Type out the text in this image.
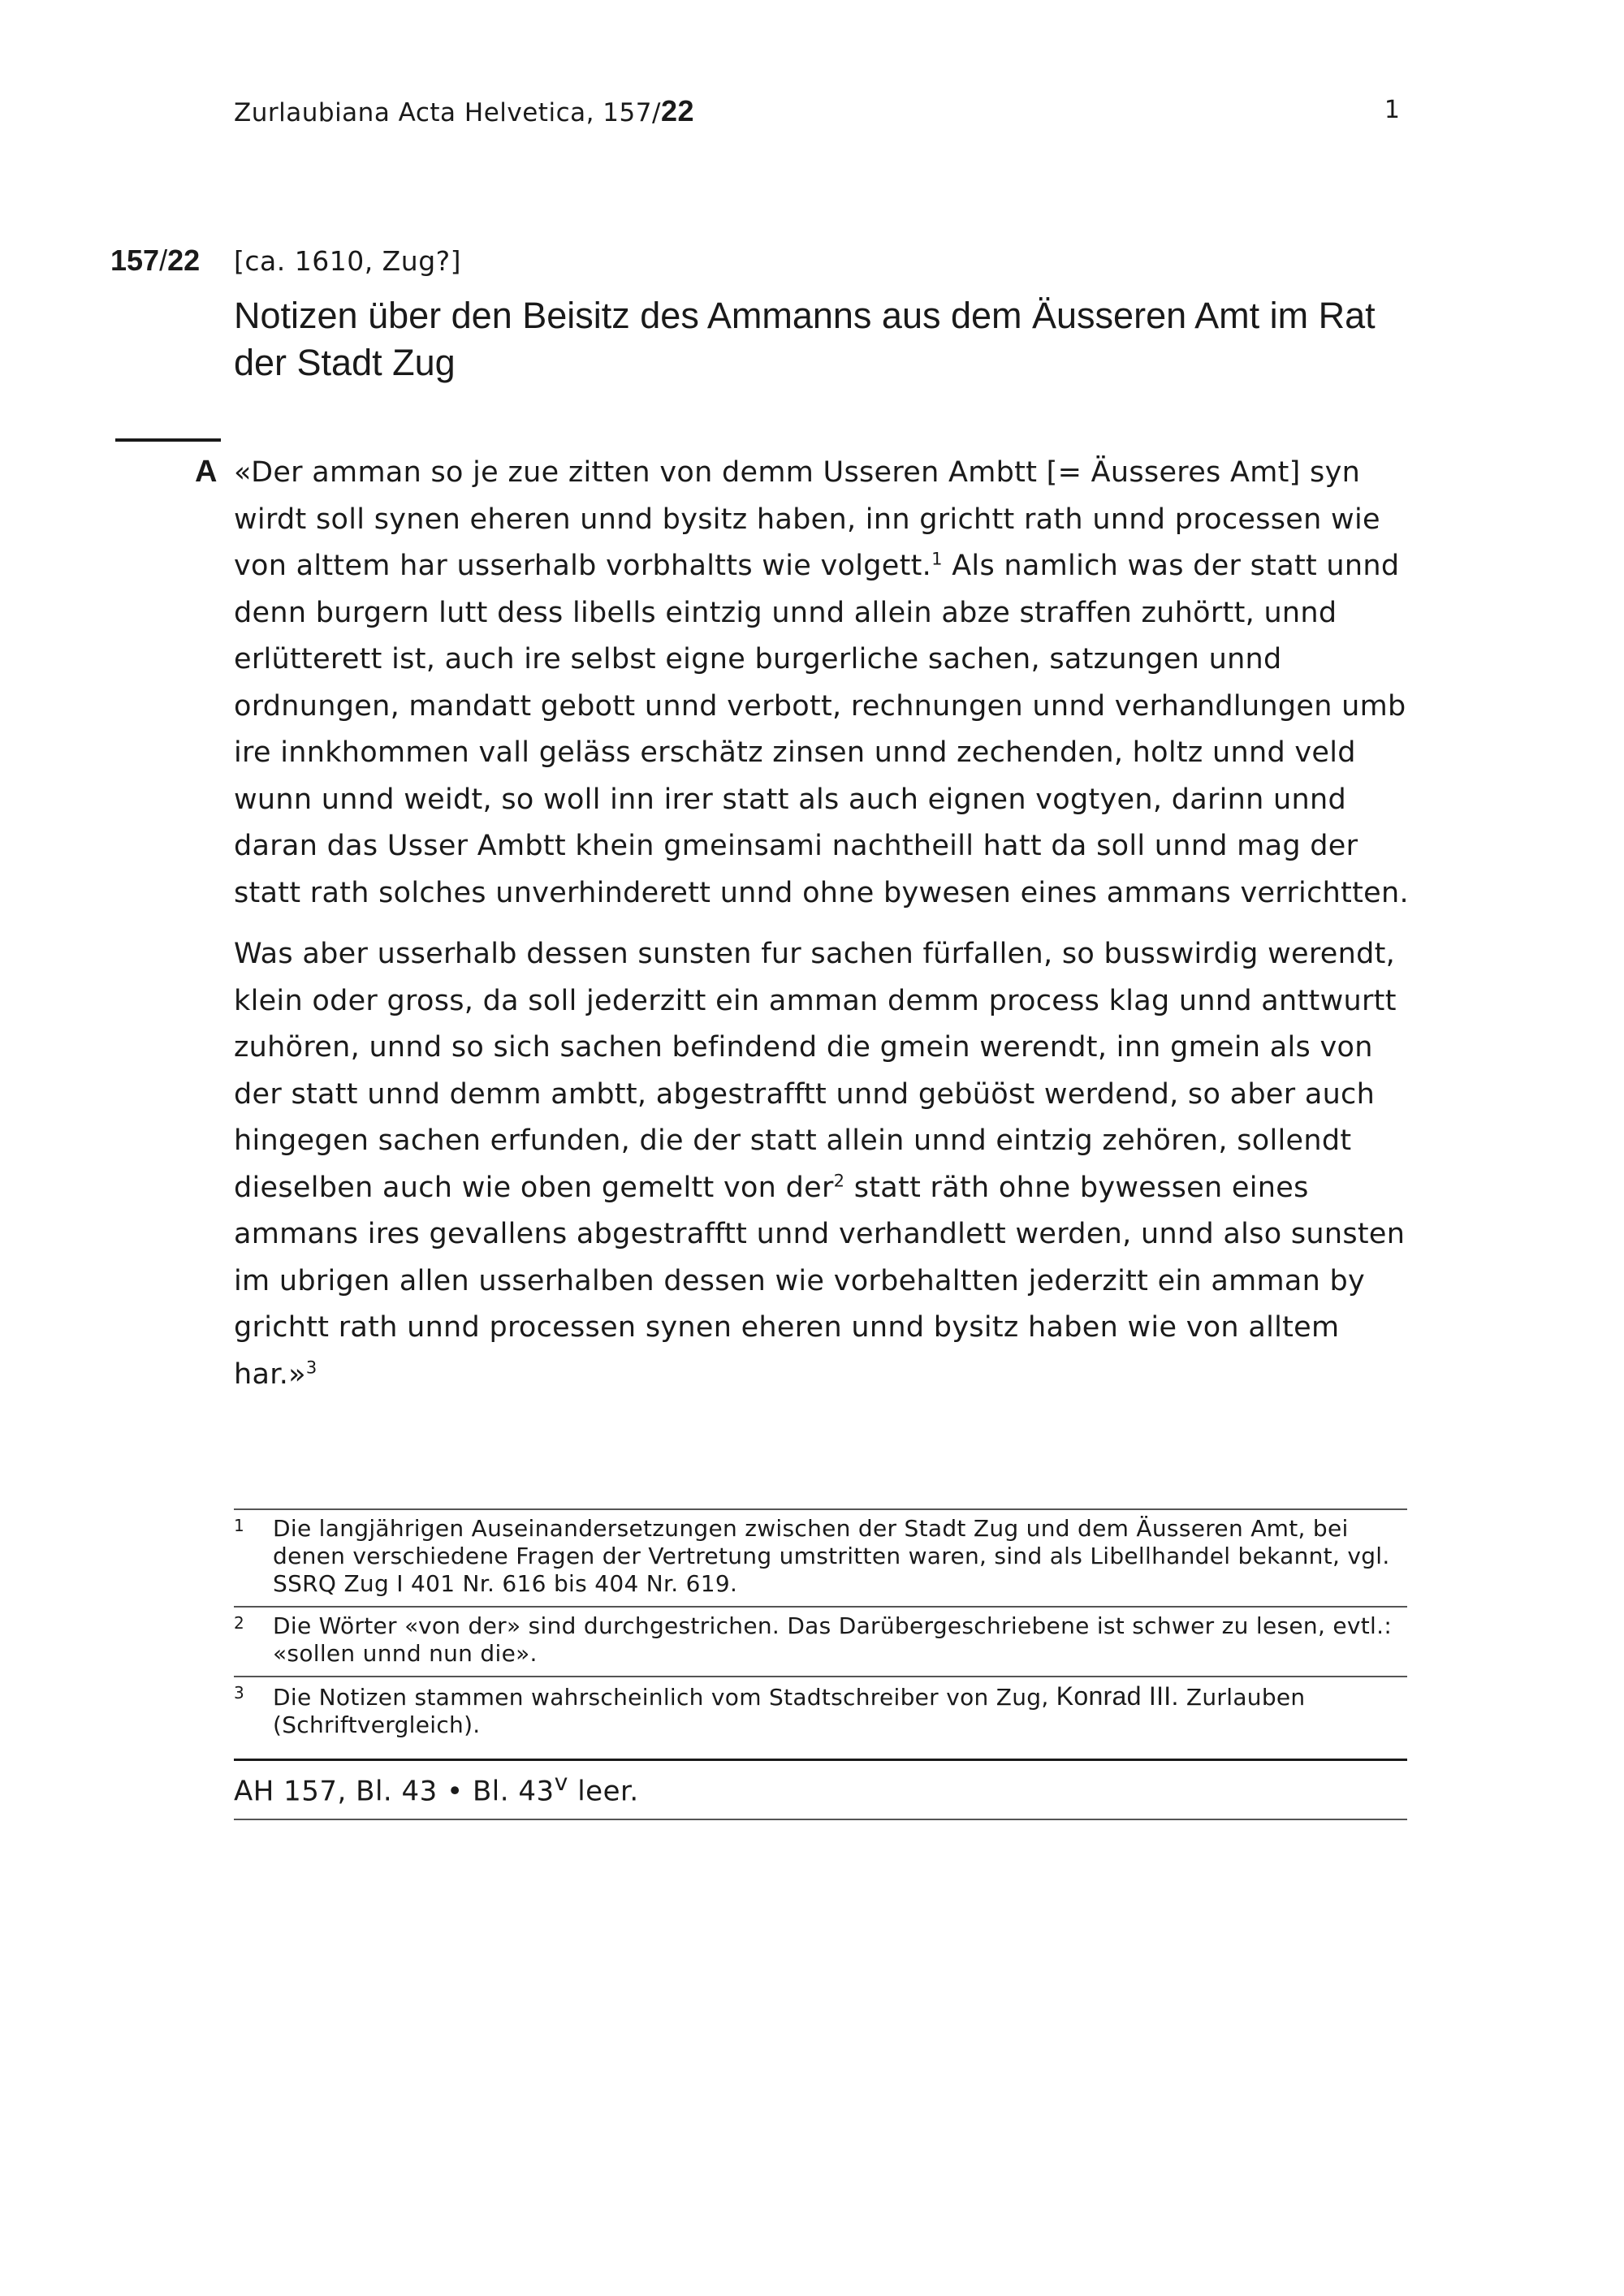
Zurlaubiana Acta Helvetica, 157/22	1
157/22 [ca. 1610, Zug?]
Notizen über den Beisitz des Ammanns aus dem Äusseren Amt im Rat der Stadt Zug
A «Der amman so je zue zitten von demm Usseren Ambtt [= Äusseres Amt] syn wirdt soll synen eheren unnd bysitz haben, inn grichtt rath unnd processen wie von alttem har usserhalb vorbhaltts wie volgett.$^1$ Als namlich was der statt unnd denn burgern lutt dess libells eintzig unnd allein abze straffen zuhörtt, unnd erlütterett ist, auch ire selbst eigne burgerliche sachen, satzungen unnd ordnungen, mandatt gebott unnd verbott, rechnungen unnd verhandlungen umb ire innkhommen vall geläss erschätz zinsen unnd zechenden, holtz unnd veld wunn unnd weidt, so woll inn irer statt als auch eignen vogtyen, darinn unnd daran das Usser Ambtt khein gmeinsami nachtheill hatt da soll unnd mag der statt rath solches unverhinderett unnd ohne bywesen eines ammans verrichtten.

Was aber usserhalb dessen sunsten fur sachen fürfallen, so busswirdig werendt, klein oder gross, da soll jederzitt ein amman demm process klag unnd anttwurtt zuhören, unnd so sich sachen befindend die gmein werendt, inn gmein als von der statt unnd demm ambtt, abgestrafftt unnd gebüöst werdend, so aber auch hingegen sachen erfunden, die der statt allein unnd eintzig zehören, sollendt dieselben auch wie oben gemeltt von der$^2$ statt räth ohne bywessen eines ammans ires gevallens abgestrafftt unnd verhandlett werden, unnd also sunsten im ubrigen allen usserhalben dessen wie vorbehaltten jederzitt ein amman by grichtt rath unnd processen synen eheren unnd bysitz haben wie von alltem har.»$^3$

1 Die langjährigen Auseinandersetzungen zwischen der Stadt Zug und dem Äusseren Amt, bei denen verschiedene Fragen der Vertretung umstritten waren, sind als Libellhandel bekannt, vgl. SSRQ Zug I 401 Nr. 616 bis 404 Nr. 619.
2 Die Wörter «von der» sind durchgestrichen. Das Darübergeschriebene ist schwer zu lesen, evtl.: «sollen unnd nun die».
3 Die Notizen stammen wahrscheinlich vom Stadtschreiber von Zug, Konrad III. Zurlauben (Schriftvergleich).
AH 157, Bl. 43 • Bl. 43$^v$ leer.
